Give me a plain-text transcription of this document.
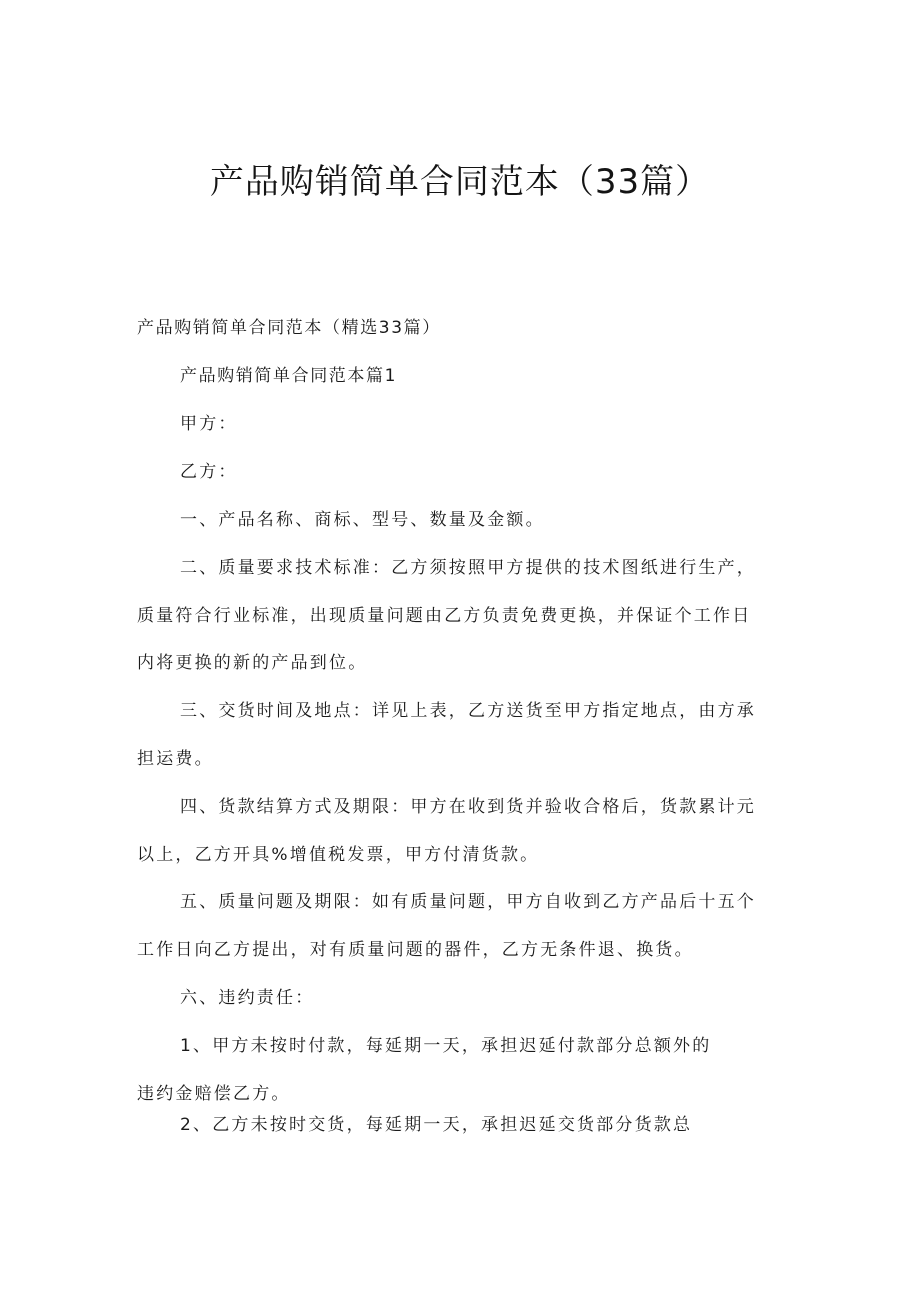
产品购销简单合同范本（33篇）
产品购销简单合同范本（精选33篇）
产品购销简单合同范本篇1
甲方：
乙方：
一、产品名称、商标、型号、数量及金额。
二、质量要求技术标准：乙方须按照甲方提供的技术图纸进行生产，
质量符合行业标准，出现质量问题由乙方负责免费更换，并保证个工作日
内将更换的新的产品到位。
三、交货时间及地点：详见上表，乙方送货至甲方指定地点，由方承
担运费。
四、货款结算方式及期限：甲方在收到货并验收合格后，货款累计元
以上，乙方开具%增值税发票，甲方付清货款。
五、质量问题及期限：如有质量问题，甲方自收到乙方产品后十五个
工作日向乙方提出，对有质量问题的器件，乙方无条件退、换货。
六、违约责任：
1、甲方未按时付款，每延期一天，承担迟延付款部分总额外的
违约金赔偿乙方。
2、乙方未按时交货，每延期一天，承担迟延交货部分货款总
